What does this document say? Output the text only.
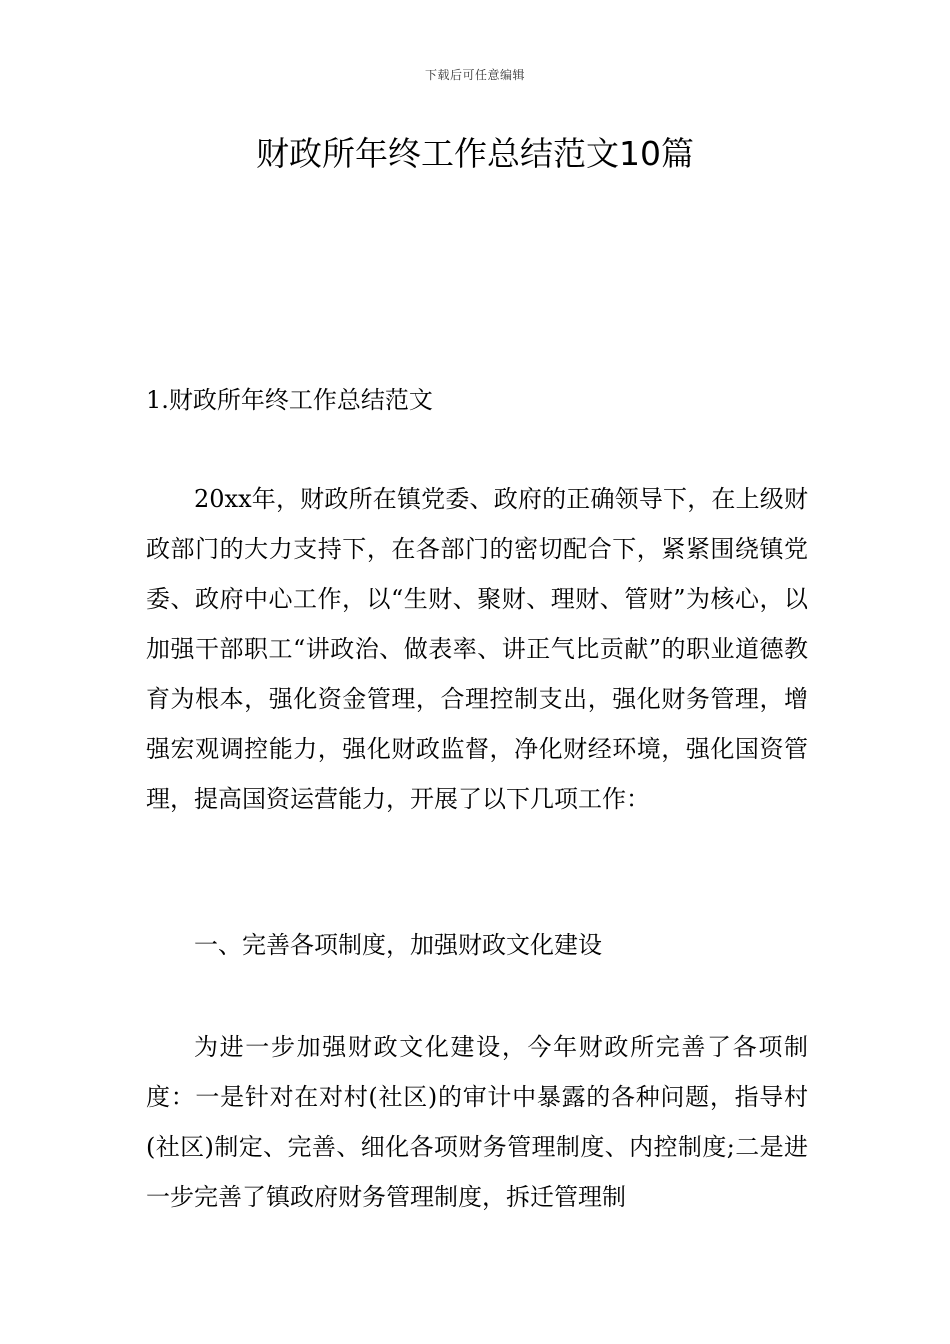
下载后可任意编辑
财政所年终工作总结范文10篇

1.财政所年终工作总结范文

20xx年，财政所在镇党委、政府的正确领导下，在上级财政部门的大力支持下，在各部门的密切配合下，紧紧围绕镇党委、政府中心工作，以“生财、聚财、理财、管财”为核心，以加强干部职工“讲政治、做表率、讲正气比贡献”的职业道德教育为根本，强化资金管理，合理控制支出，强化财务管理，增强宏观调控能力，强化财政监督，净化财经环境，强化国资管理，提高国资运营能力，开展了以下几项工作：

一、完善各项制度，加强财政文化建设

为进一步加强财政文化建设，今年财政所完善了各项制度：一是针对在对村(社区)的审计中暴露的各种问题，指导村(社区)制定、完善、细化各项财务管理制度、内控制度;二是进一步完善了镇政府财务管理制度，拆迁管理制
